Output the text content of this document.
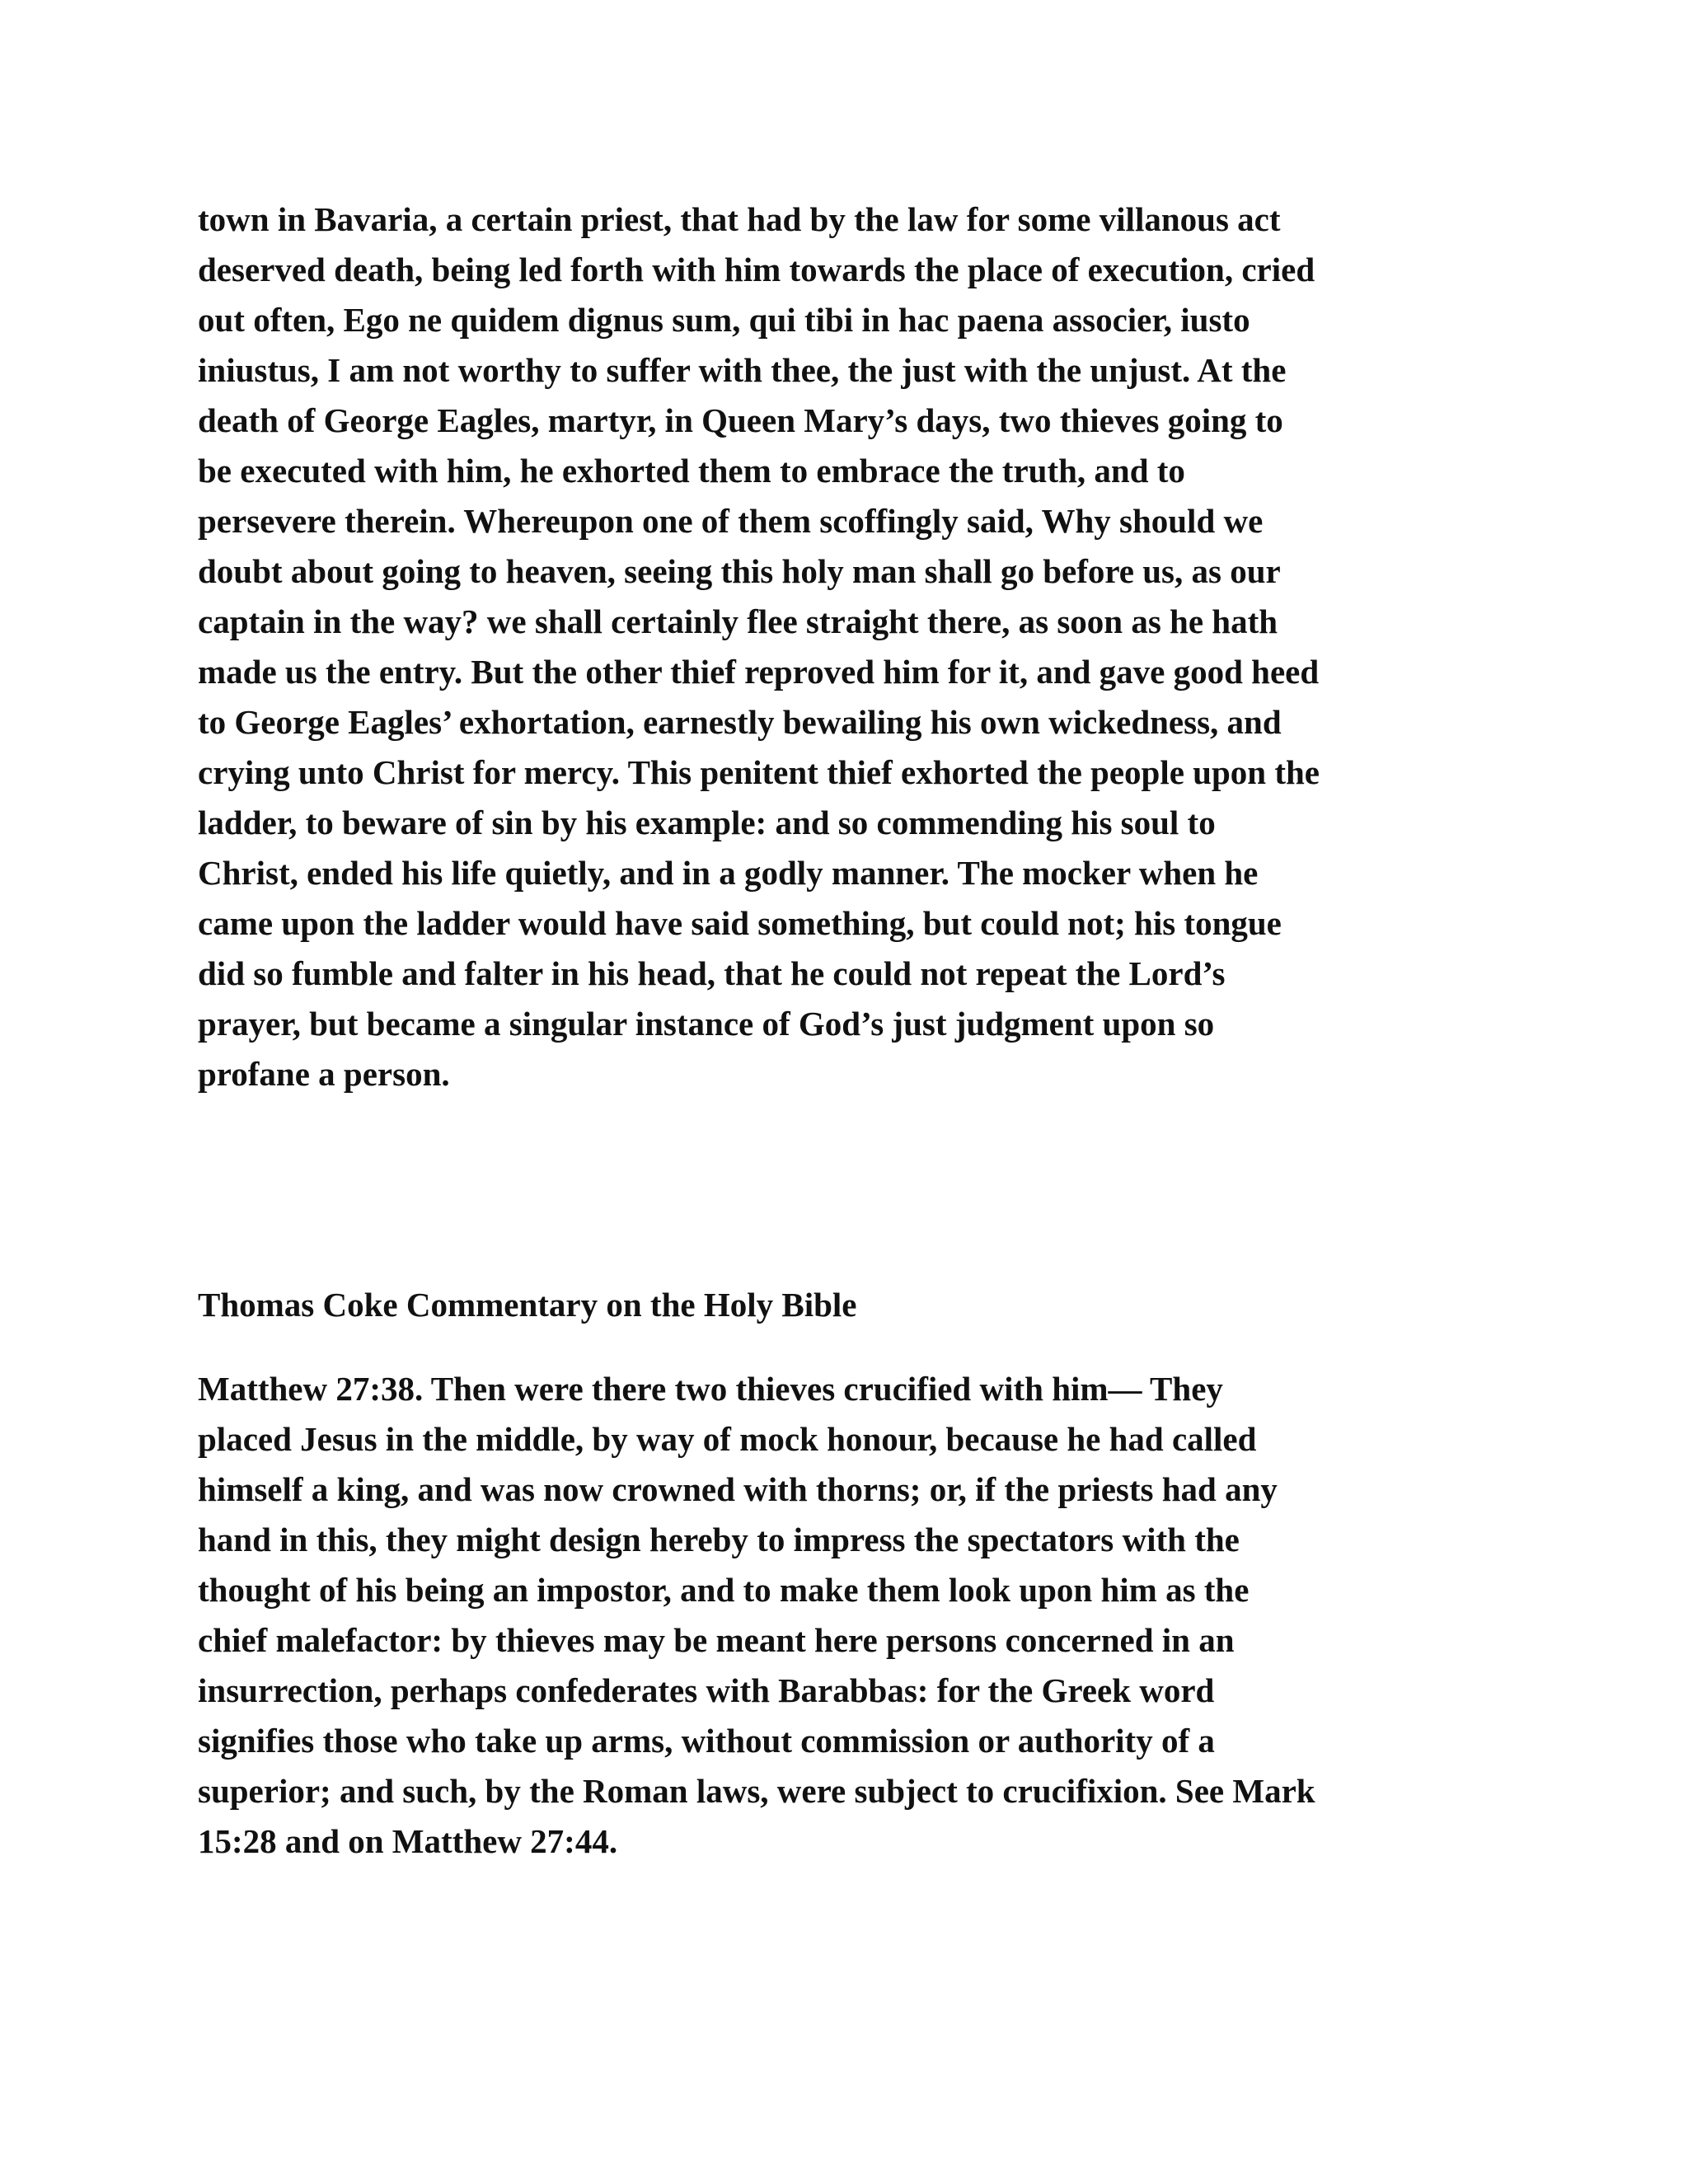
town in Bavaria, a certain priest, that had by the law for some villanous act
deserved death, being led forth with him towards the place of execution, cried
out often, Ego ne quidem dignus sum, qui tibi in hac paena associer, iusto
iniustus, I am not worthy to suffer with thee, the just with the unjust. At the
death of George Eagles, martyr, in Queen Mary’s days, two thieves going to
be executed with him, he exhorted them to embrace the truth, and to
persevere therein. Whereupon one of them scoffingly said, Why should we
doubt about going to heaven, seeing this holy man shall go before us, as our
captain in the way? we shall certainly flee straight there, as soon as he hath
made us the entry. But the other thief reproved him for it, and gave good heed
to George Eagles’ exhortation, earnestly bewailing his own wickedness, and
crying unto Christ for mercy. This penitent thief exhorted the people upon the
ladder, to beware of sin by his example: and so commending his soul to
Christ, ended his life quietly, and in a godly manner. The mocker when he
came upon the ladder would have said something, but could not; his tongue
did so fumble and falter in his head, that he could not repeat the Lord’s
prayer, but became a singular instance of God’s just judgment upon so
profane a person.
Thomas Coke Commentary on the Holy Bible
Matthew 27:38. Then were there two thieves crucified with him— They
placed Jesus in the middle, by way of mock honour, because he had called
himself a king, and was now crowned with thorns; or, if the priests had any
hand in this, they might design hereby to impress the spectators with the
thought of his being an impostor, and to make them look upon him as the
chief malefactor: by thieves may be meant here persons concerned in an
insurrection, perhaps confederates with Barabbas: for the Greek word
signifies those who take up arms, without commission or authority of a
superior; and such, by the Roman laws, were subject to crucifixion. See Mark
15:28 and on Matthew 27:44.
